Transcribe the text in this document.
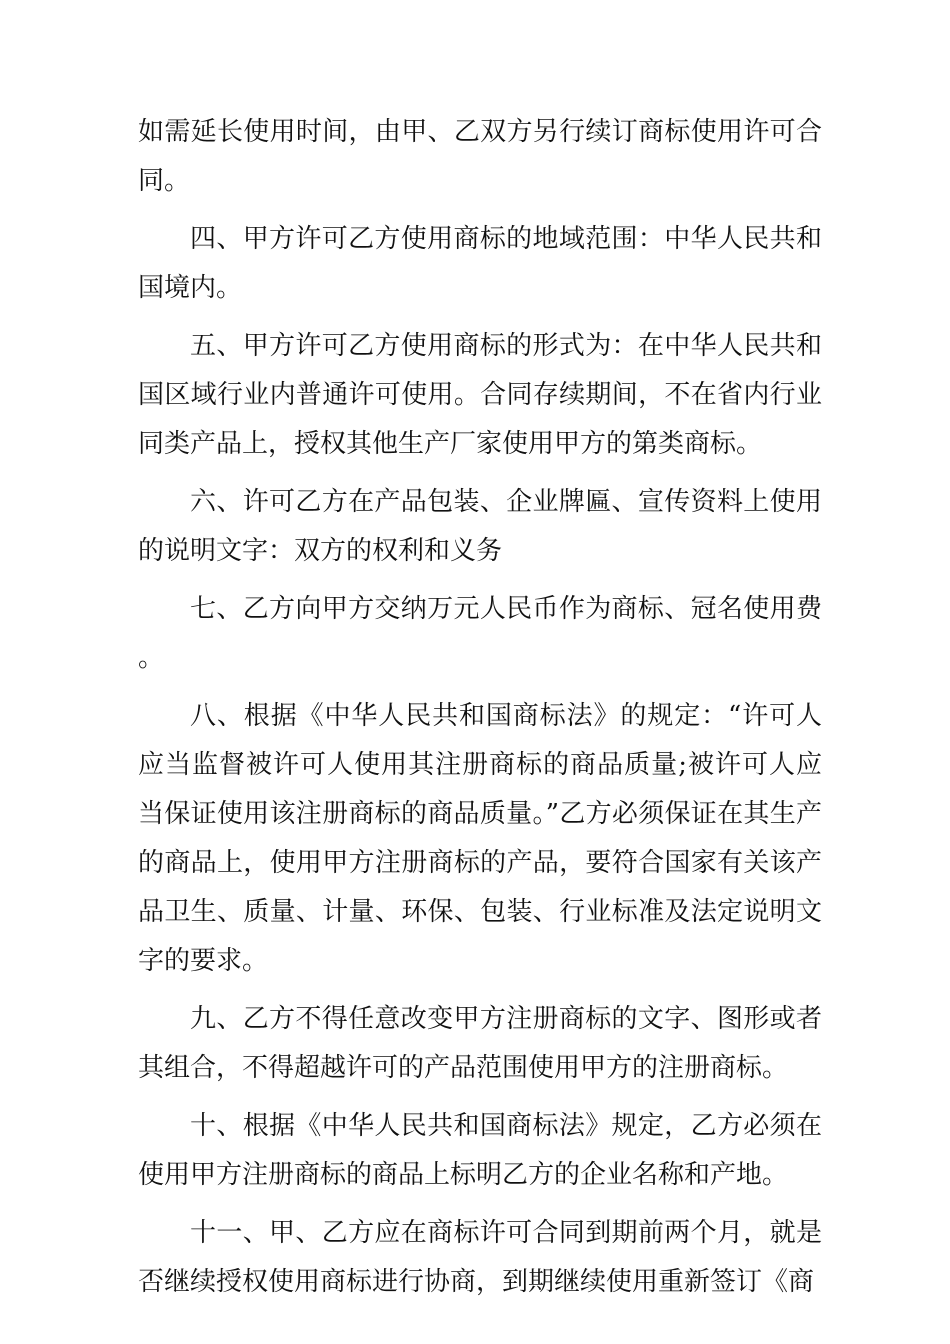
如需延长使用时间，由甲、乙双方另行续订商标使用许可合同。

四、甲方许可乙方使用商标的地域范围：中华人民共和国境内。

五、甲方许可乙方使用商标的形式为：在中华人民共和国区域行业内普通许可使用。合同存续期间，不在省内行业同类产品上，授权其他生产厂家使用甲方的第类商标。

六、许可乙方在产品包装、企业牌匾、宣传资料上使用的说明文字：双方的权利和义务

七、乙方向甲方交纳万元人民币作为商标、冠名使用费。

八、根据《中华人民共和国商标法》的规定：“许可人应当监督被许可人使用其注册商标的商品质量;被许可人应当保证使用该注册商标的商品质量。”乙方必须保证在其生产的商品上，使用甲方注册商标的产品，要符合国家有关该产品卫生、质量、计量、环保、包装、行业标准及法定说明文字的要求。

九、乙方不得任意改变甲方注册商标的文字、图形或者其组合，不得超越许可的产品范围使用甲方的注册商标。

十、根据《中华人民共和国商标法》规定，乙方必须在使用甲方注册商标的商品上标明乙方的企业名称和产地。

十一、甲、乙方应在商标许可合同到期前两个月，就是否继续授权使用商标进行协商，到期继续使用重新签订《商
